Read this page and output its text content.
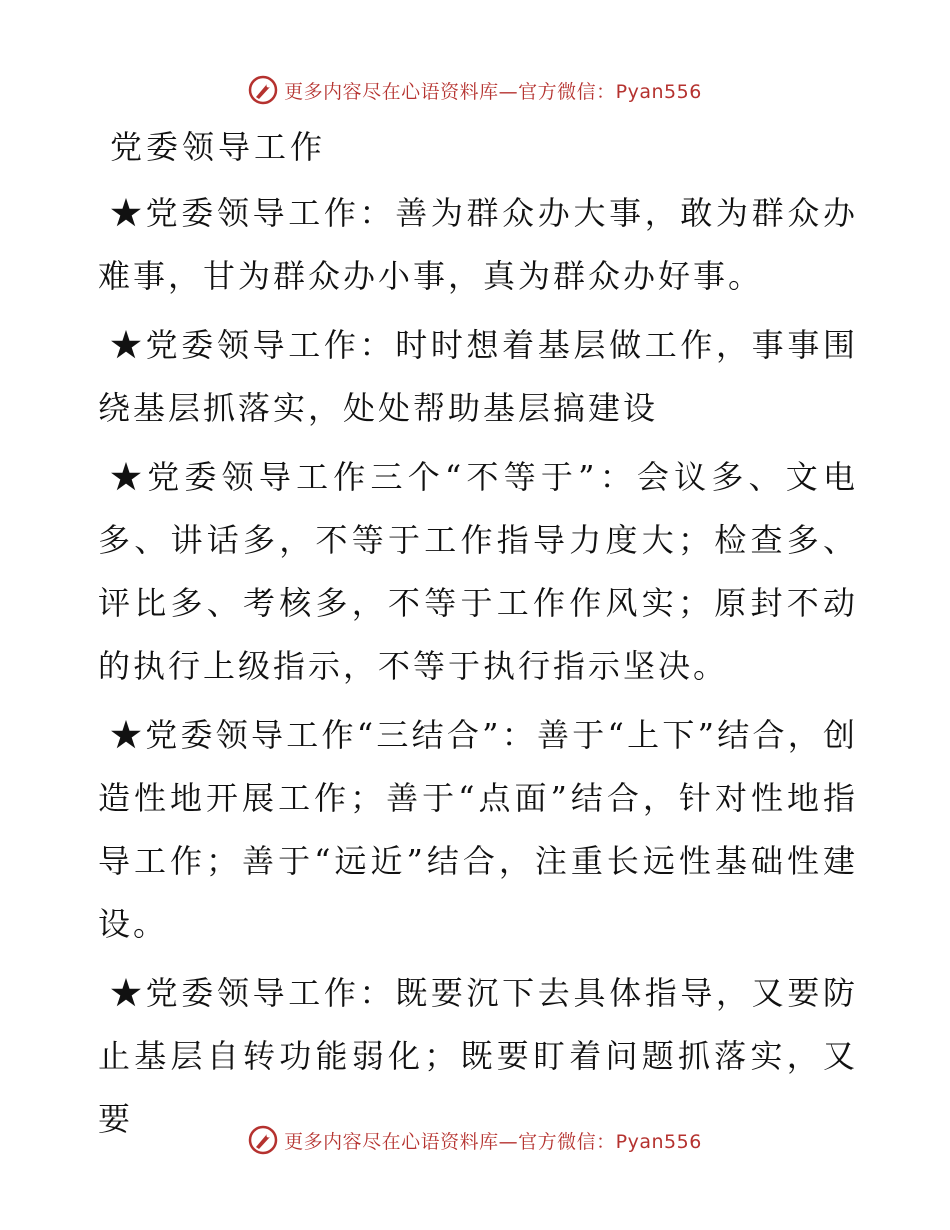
更多内容尽在心语资料库—官方微信：Pyan556
党委领导工作

★党委领导工作：善为群众办大事，敢为群众办难事，甘为群众办小事，真为群众办好事。

★党委领导工作：时时想着基层做工作，事事围绕基层抓落实，处处帮助基层搞建设

★党委领导工作三个“不等于”：会议多、文电多、讲话多，不等于工作指导力度大；检查多、评比多、考核多，不等于工作作风实；原封不动的执行上级指示，不等于执行指示坚决。

★党委领导工作“三结合”：善于“上下”结合，创造性地开展工作；善于“点面”结合，针对性地指导工作；善于“远近”结合，注重长远性基础性建设。

★党委领导工作：既要沉下去具体指导，又要防止基层自转功能弱化；既要盯着问题抓落实，又要

更多内容尽在心语资料库—官方微信：Pyan556
